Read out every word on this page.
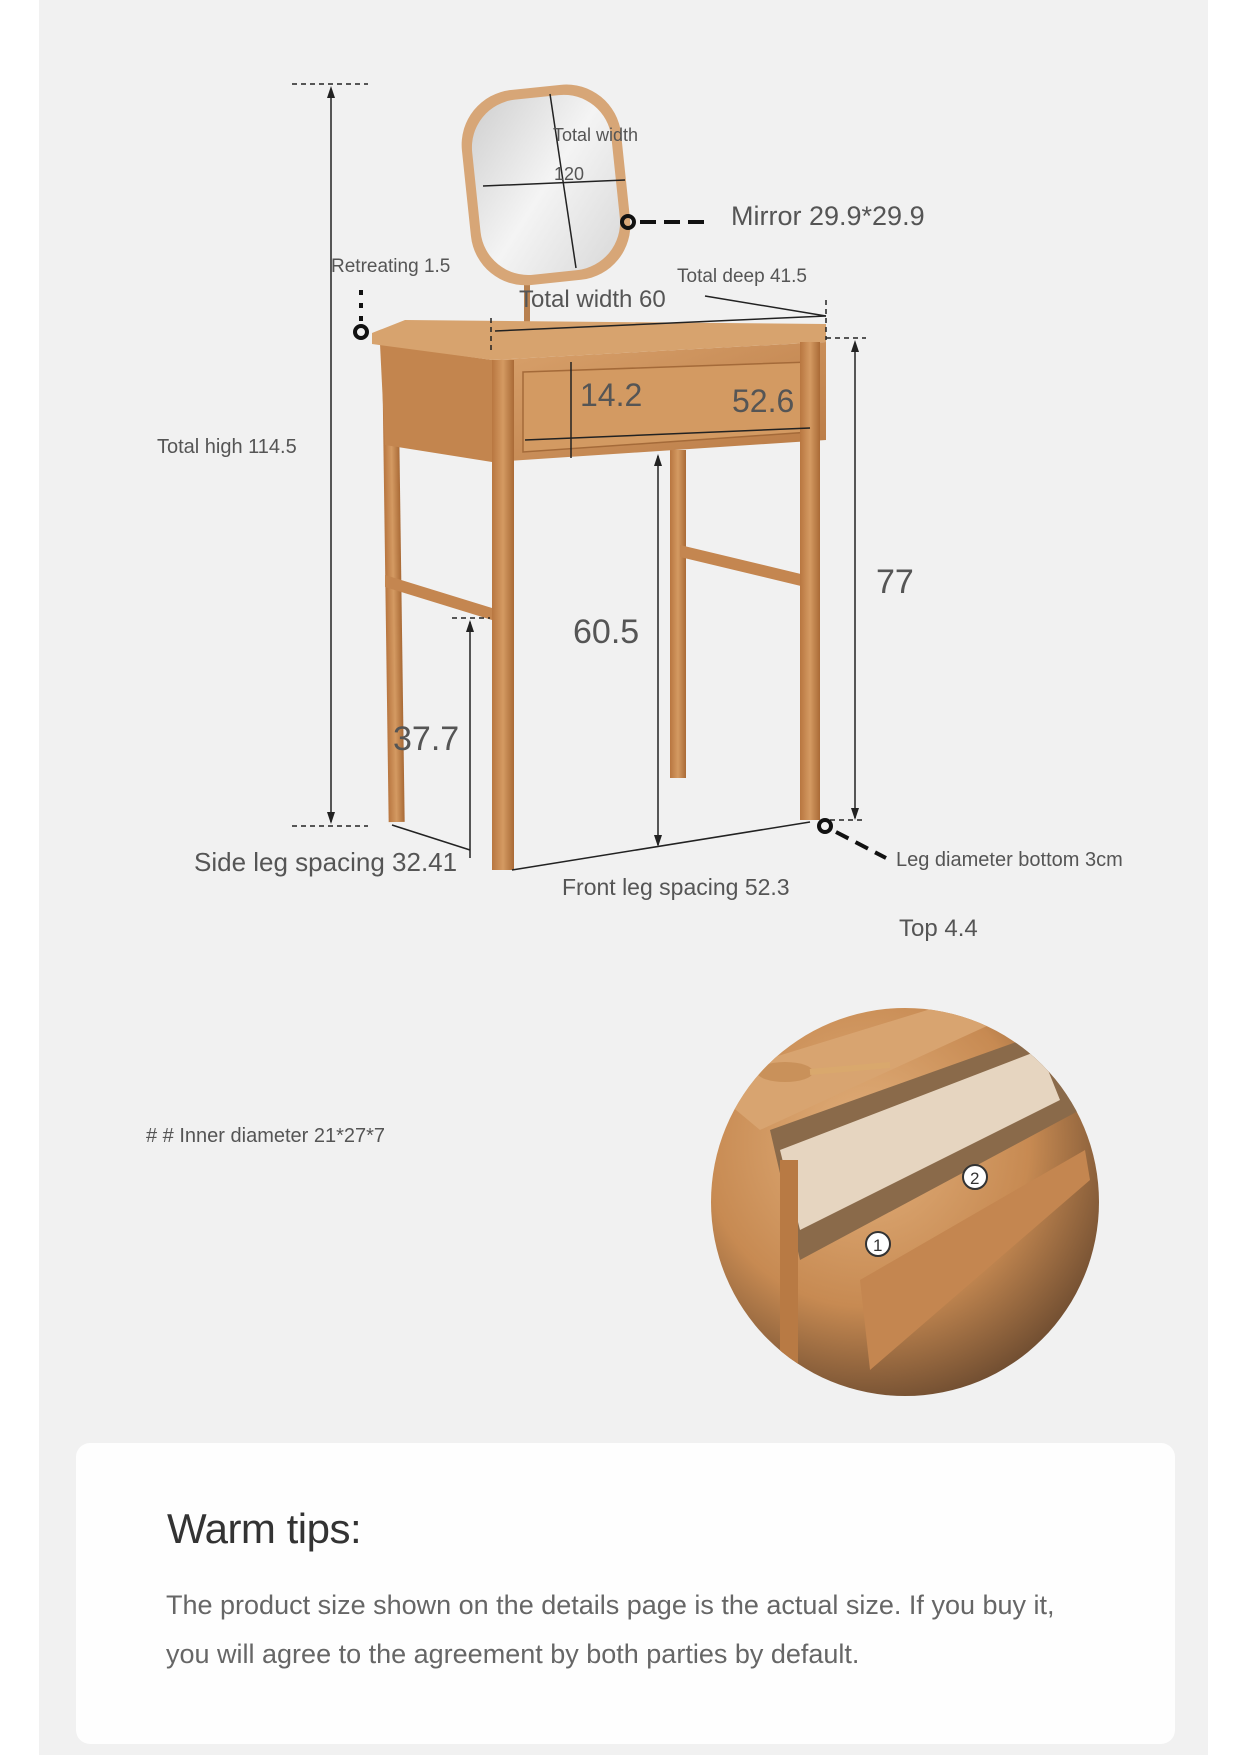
Total width
120
Mirror 29.9*29.9
Retreating 1.5	Total deep 41.5
Total width 60
14.2	52.6
Total high 114.5
77
60.5
37.7
Side leg spacing 32.41
Front leg spacing 52.3
Leg diameter bottom 3cm
Top 4.4
# # Inner diameter 21*27*7
1
2
Warm tips:

The product size shown on the details page is the actual size. If you buy it, you will agree to the agreement by both parties by default.
